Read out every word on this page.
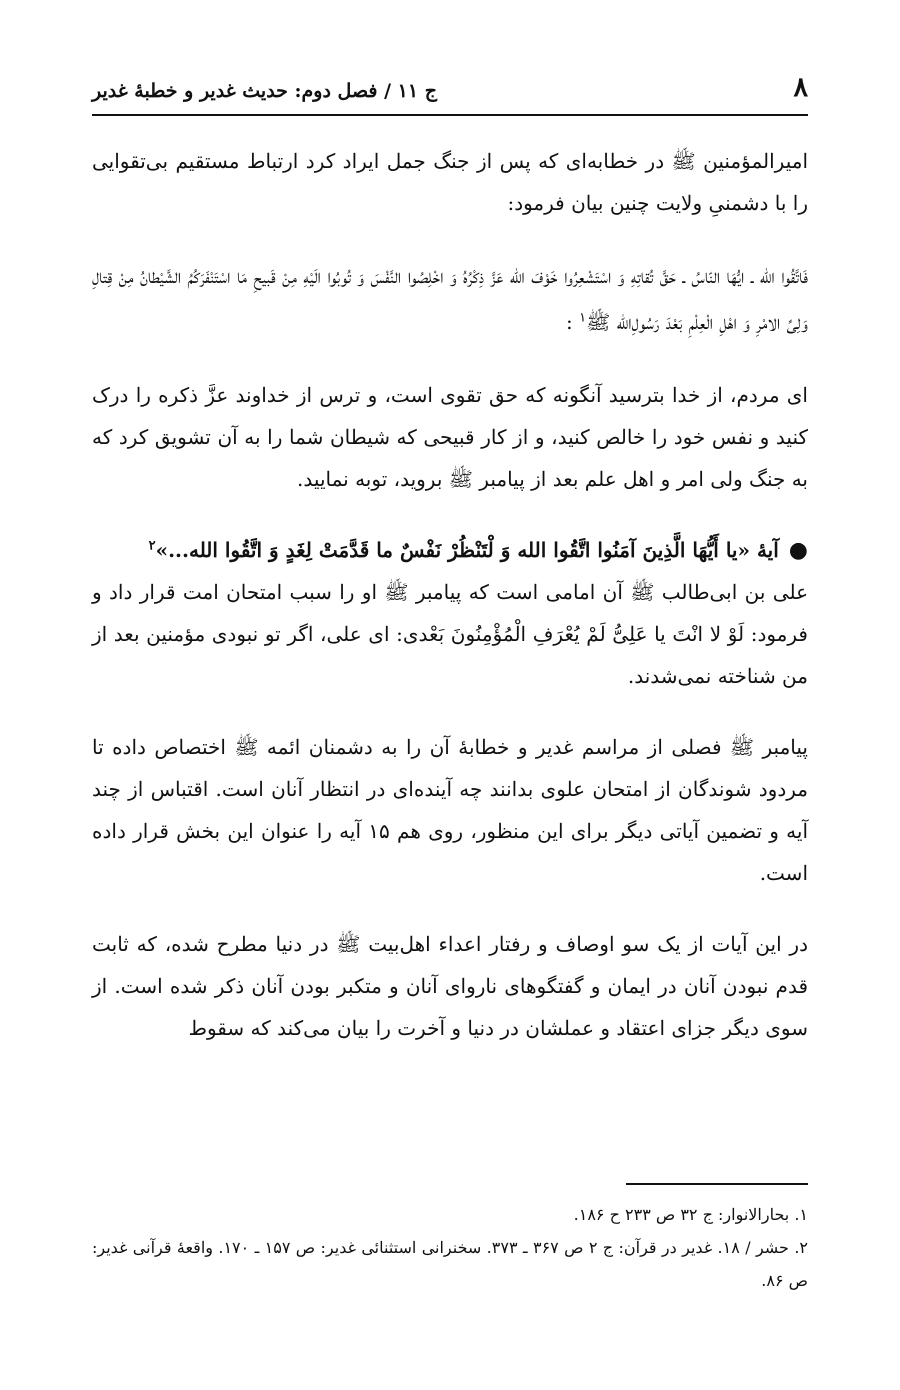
۸
ج ۱۱ / فصل دوم: حدیث غدیر و خطبهٔ غدیر

امیرالمؤمنین ﷺ در خطابه‌ای که پس از جنگ جمل ایراد کرد ارتباط مستقیم بی‌تقوایی را با دشمنیِ ولایت چنین بیان فرمود:

فَاتَّقُوا الله ـ ایُّهَا النّاسُ ـ حَقَّ تُقاتِهِ وَ اسْتَشْعِرُوا خَوْفَ الله عَزَّ ذِکْرُهُ وَ اخْلِصُوا النَّفْسَ وَ تُوبُوا الَیْهِ مِنْ قَبیحِ مَا اسْتَنْفَرَکُمُ الشَّیْطانُ مِنْ قِتالِ وَلِیِّ الامْرِ وَ اهْلِ الْعِلْمِ بَعْدَ رَسُولِ‌الله ﷺ$^۱$ :

ای مردم، از خدا بترسید آنگونه که حق تقوی است، و ترس از خداوند عزَّ ذکره را درک کنید و نفس خود را خالص کنید، و از کار قبیحی که شیطان شما را به آن تشویق کرد که به جنگ ولی امر و اهل علم بعد از پیامبر ﷺ بروید، توبه نمایید.

●آیهٔ «یا أَیُّهَا الَّذِینَ آمَنُوا اتَّقُوا الله وَ لْتَنْظُرْ نَفْسٌ ما قَدَّمَتْ لِغَدٍ وَ اتَّقُوا الله...»$^۲$

علی بن ابی‌طالب ﷺ آن امامی است که پیامبر ﷺ او را سبب امتحان امت قرار داد و فرمود: لَوْ لا انْتَ یا عَلِیُّ لَمْ یُعْرَفِ الْمُؤْمِنُونَ بَعْدی: ای علی، اگر تو نبودی مؤمنین بعد از من شناخته نمی‌شدند.

پیامبر ﷺ فصلی از مراسم غدیر و خطابهٔ آن را به دشمنان ائمه ﷺ اختصاص داده تا مردود شوندگان از امتحان علوی بدانند چه آینده‌ای در انتظار آنان است. اقتباس از چند آیه و تضمین آیاتی دیگر برای این منظور، روی هم ۱۵ آیه را عنوان این بخش قرار داده است.

در این آیات از یک سو اوصاف و رفتار اعداء اهل‌بیت ﷺ در دنیا مطرح شده، که ثابت قدم نبودن آنان در ایمان و گفتگوهای ناروای آنان و متکبر بودن آنان ذکر شده است. از سوی دیگر جزای اعتقاد و عملشان در دنیا و آخرت را بیان می‌کند که سقوط

۱. بحارالانوار: ج ۳۲ ص ۲۳۳ ح ۱۸۶.

۲. حشر / ۱۸. غدیر در قرآن: ج ۲ ص ۳۶۷ ـ ۳۷۳. سخنرانی استثنائی غدیر: ص ۱۵۷ ـ ۱۷۰. واقعهٔ قرآنی غدیر: ص ۸۶.
